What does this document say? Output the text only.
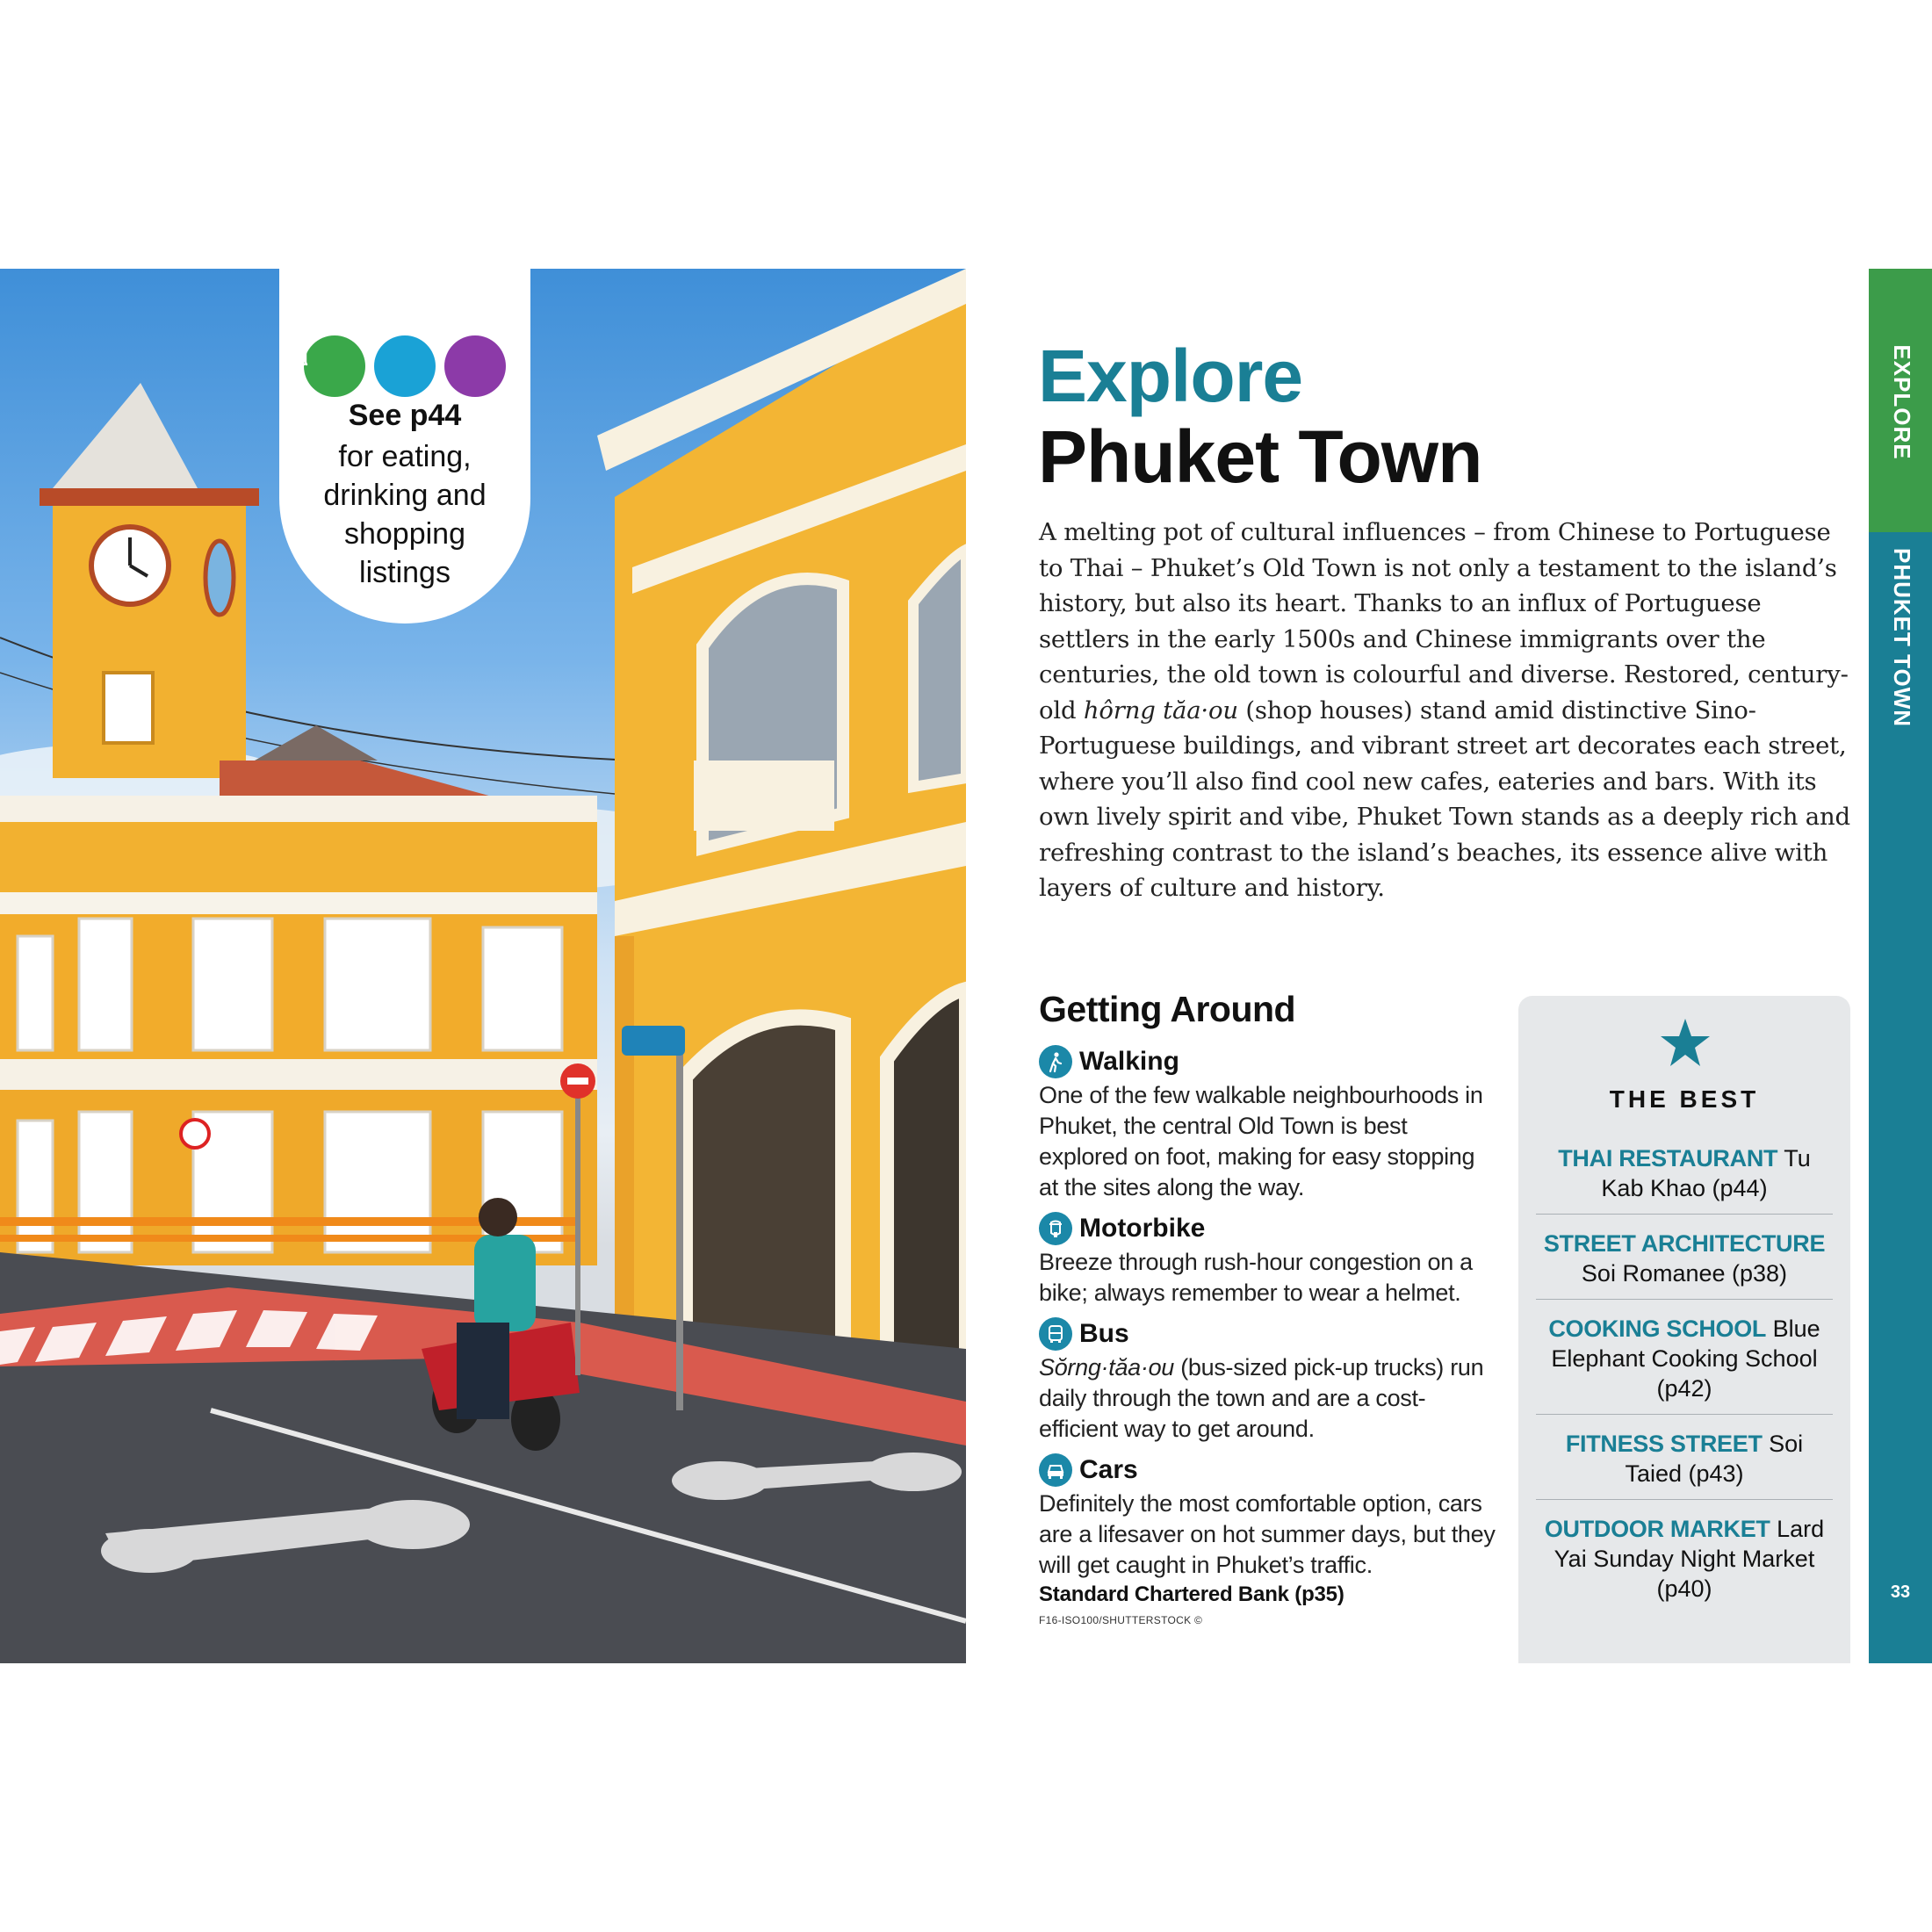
See p44
for eating, drinking and shopping listings
Explore
Phuket Town

A melting pot of cultural influences – from Chinese to Portuguese to Thai – Phuket’s Old Town is not only a testament to the island’s history, but also its heart. Thanks to an influx of Portuguese settlers in the early 1500s and Chinese immigrants over the centuries, the old town is colourful and diverse. Restored, century-old hôrng tăa·ou (shop houses) stand amid distinctive Sino-Portuguese buildings, and vibrant street art decorates each street, where you’ll also find cool new cafes, eateries and bars. With its own lively spirit and vibe, Phuket Town stands as a deeply rich and refreshing contrast to the island’s beaches, its essence alive with layers of culture and history.

Getting Around
Walking

One of the few walkable neighbourhoods in Phuket, the central Old Town is best explored on foot, making for easy stopping at the sites along the way.

Motorbike

Breeze through rush-hour congestion on a bike; always remember to wear a helmet.

Bus

Sŏrng·tăa·ou (bus-sized pick-up trucks) run daily through the town and are a cost-efficient way to get around.

Cars

Definitely the most comfortable option, cars are a lifesaver on hot summer days, but they will get caught in Phuket’s traffic.

Standard Chartered Bank (p35)
F16-ISO100/SHUTTERSTOCK ©
THE BEST
THAI RESTAURANT Tu Kab Khao (p44)
STREET ARCHITECTURE Soi Romanee (p38)
COOKING SCHOOL Blue Elephant Cooking School (p42)
FITNESS STREET Soi Taied (p43)
OUTDOOR MARKET Lard Yai Sunday Night Market (p40)
EXPLORE
PHUKET TOWN
33
